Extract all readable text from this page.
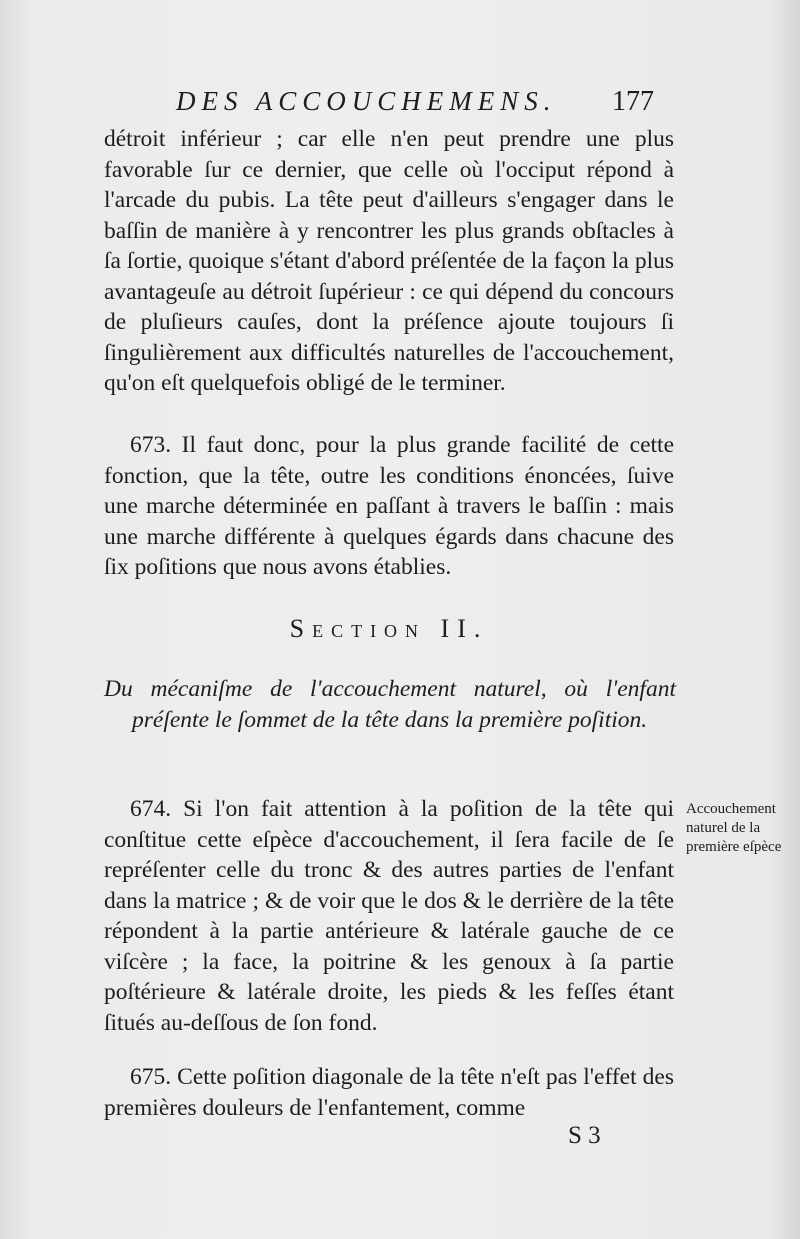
DES ACCOUCHEMENS.	177
détroit inférieur ; car elle n'en peut prendre une plus favorable ſur ce dernier, que celle où l'occiput répond à l'arcade du pubis. La tête peut d'ailleurs s'engager dans le baſſin de manière à y rencontrer les plus grands obſtacles à ſa ſortie, quoique s'étant d'abord préſentée de la façon la plus avantageuſe au détroit ſupérieur : ce qui dépend du concours de pluſieurs cauſes, dont la préſence ajoute toujours ſi ſingulièrement aux difficultés naturelles de l'accouchement, qu'on eſt quelquefois obligé de le terminer.
673. Il faut donc, pour la plus grande facilité de cette fonction, que la tête, outre les conditions énoncées, ſuive une marche déterminée en paſſant à travers le baſſin : mais une marche différente à quelques égards dans chacune des ſix poſitions que nous avons établies.
Section II.
Du mécaniſme de l'accouchement naturel, où l'enfant préſente le ſommet de la tête dans la première poſition.
674. Si l'on fait attention à la poſition de la tête qui conſtitue cette eſpèce d'accouchement, il ſera facile de ſe repréſenter celle du tronc & des autres parties de l'enfant dans la matrice ; & de voir que le dos & le derrière de la tête répondent à la partie antérieure & latérale gauche de ce viſcère ; la face, la poitrine & les genoux à ſa partie poſtérieure & latérale droite, les pieds & les feſſes étant ſitués au-deſſous de ſon fond.
675. Cette poſition diagonale de la tête n'eſt pas l'effet des premières douleurs de l'enfantement, comme
Accouchement naturel de la première eſpèce
S 3
